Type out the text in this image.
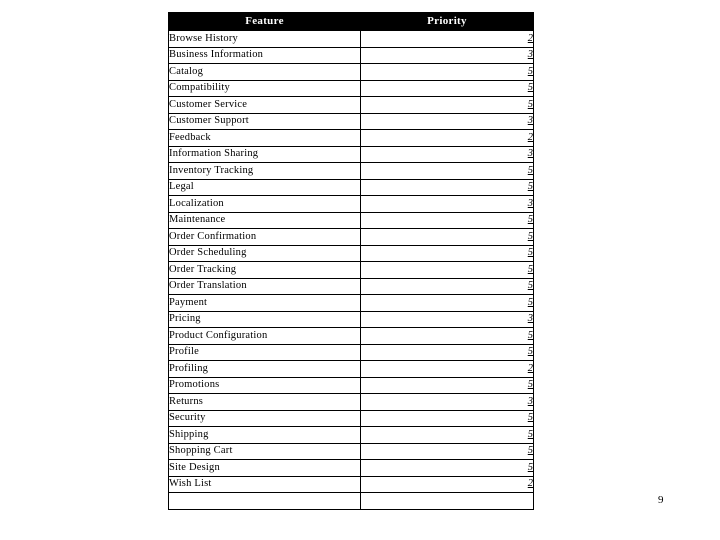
Feature	Priority
Browse History	2
Business Information	3
Catalog	5
Compatibility	5
Customer Service	5
Customer Support	3
Feedback	2
Information Sharing	3
Inventory Tracking	5
Legal	5
Localization	3
Maintenance	5
Order Confirmation	5
Order Scheduling	5
Order Tracking	5
Order Translation	5
Payment	5
Pricing	3
Product Configuration	5
Profile	5
Profiling	2
Promotions	5
Returns	3
Security	5
Shipping	5
Shopping Cart	5
Site Design	5
Wish List	2

9
